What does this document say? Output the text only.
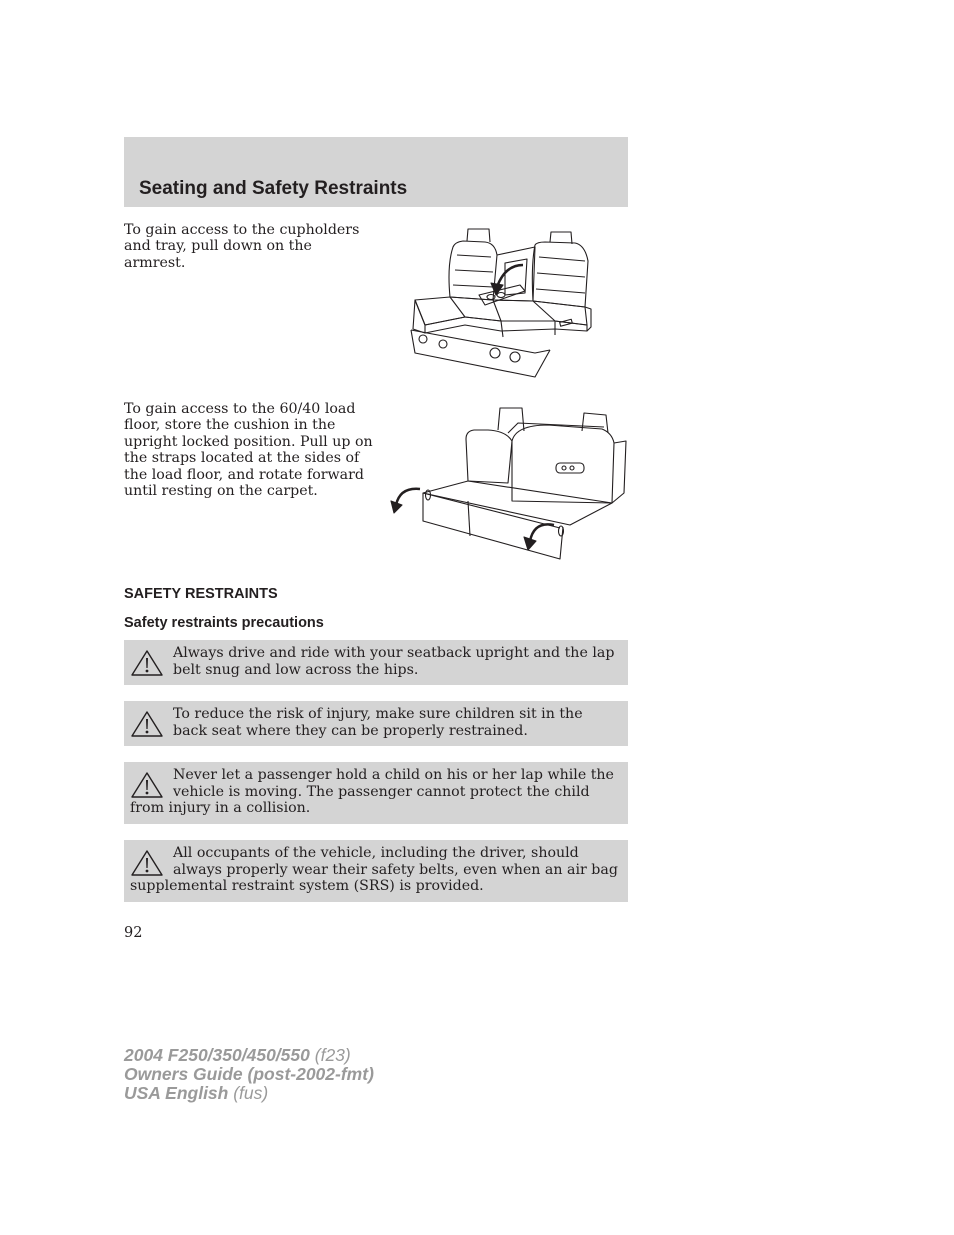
Seating and Safety Restraints
To gain access to the cupholders and tray, pull down on the armrest.
To gain access to the 60/40 load floor, store the cushion in the upright locked position. Pull up on the straps located at the sides of the load floor, and rotate forward until resting on the carpet.
SAFETY RESTRAINTS
Safety restraints precautions
Always drive and ride with your seatback upright and the lap belt snug and low across the hips.
To reduce the risk of injury, make sure children sit in the back seat where they can be properly restrained.
Never let a passenger hold a child on his or her lap while the vehicle is moving. The passenger cannot protect the child from injury in a collision.
All occupants of the vehicle, including the driver, should always properly wear their safety belts, even when an air bag supplemental restraint system (SRS) is provided.
92
2004 F250/350/450/550 (f23)
Owners Guide (post-2002-fmt)
USA English (fus)
